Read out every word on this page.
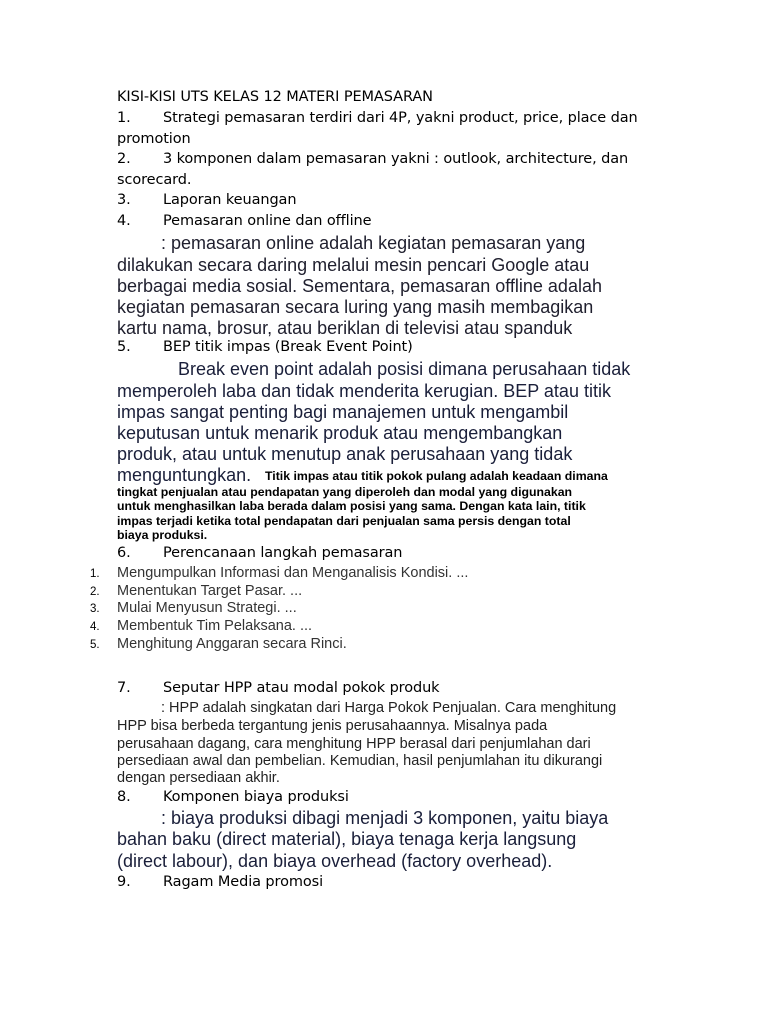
KISI-KISI UTS KELAS 12 MATERI PEMASARAN
1. Strategi pemasaran terdiri dari 4P, yakni product, price, place dan
promotion
2. 3 komponen dalam pemasaran yakni : outlook, architecture, dan
scorecard.
3. Laporan keuangan
4. Pemasaran online dan offline
: pemasaran online adalah kegiatan pemasaran yang
dilakukan secara daring melalui mesin pencari Google atau
berbagai media sosial. Sementara, pemasaran offline adalah
kegiatan pemasaran secara luring yang masih membagikan
kartu nama, brosur, atau beriklan di televisi atau spanduk
5. BEP titik impas (Break Event Point)
Break even point adalah posisi dimana perusahaan tidak
memperoleh laba dan tidak menderita kerugian. BEP atau titik
impas sangat penting bagi manajemen untuk mengambil
keputusan untuk menarik produk atau mengembangkan
produk, atau untuk menutup anak perusahaan yang tidak
menguntungkan. Titik impas atau titik pokok pulang adalah keadaan dimana
tingkat penjualan atau pendapatan yang diperoleh dan modal yang digunakan
untuk menghasilkan laba berada dalam posisi yang sama. Dengan kata lain, titik
impas terjadi ketika total pendapatan dari penjualan sama persis dengan total
biaya produksi.
6. Perencanaan langkah pemasaran
1. Mengumpulkan Informasi dan Menganalisis Kondisi. ...
2. Menentukan Target Pasar. ...
3. Mulai Menyusun Strategi. ...
4. Membentuk Tim Pelaksana. ...
5. Menghitung Anggaran secara Rinci.
7. Seputar HPP atau modal pokok produk
: HPP adalah singkatan dari Harga Pokok Penjualan. Cara menghitung
HPP bisa berbeda tergantung jenis perusahaannya. Misalnya pada
perusahaan dagang, cara menghitung HPP berasal dari penjumlahan dari
persediaan awal dan pembelian. Kemudian, hasil penjumlahan itu dikurangi
dengan persediaan akhir.
8. Komponen biaya produksi
: biaya produksi dibagi menjadi 3 komponen, yaitu biaya
bahan baku (direct material), biaya tenaga kerja langsung
(direct labour), dan biaya overhead (factory overhead).
9. Ragam Media promosi
